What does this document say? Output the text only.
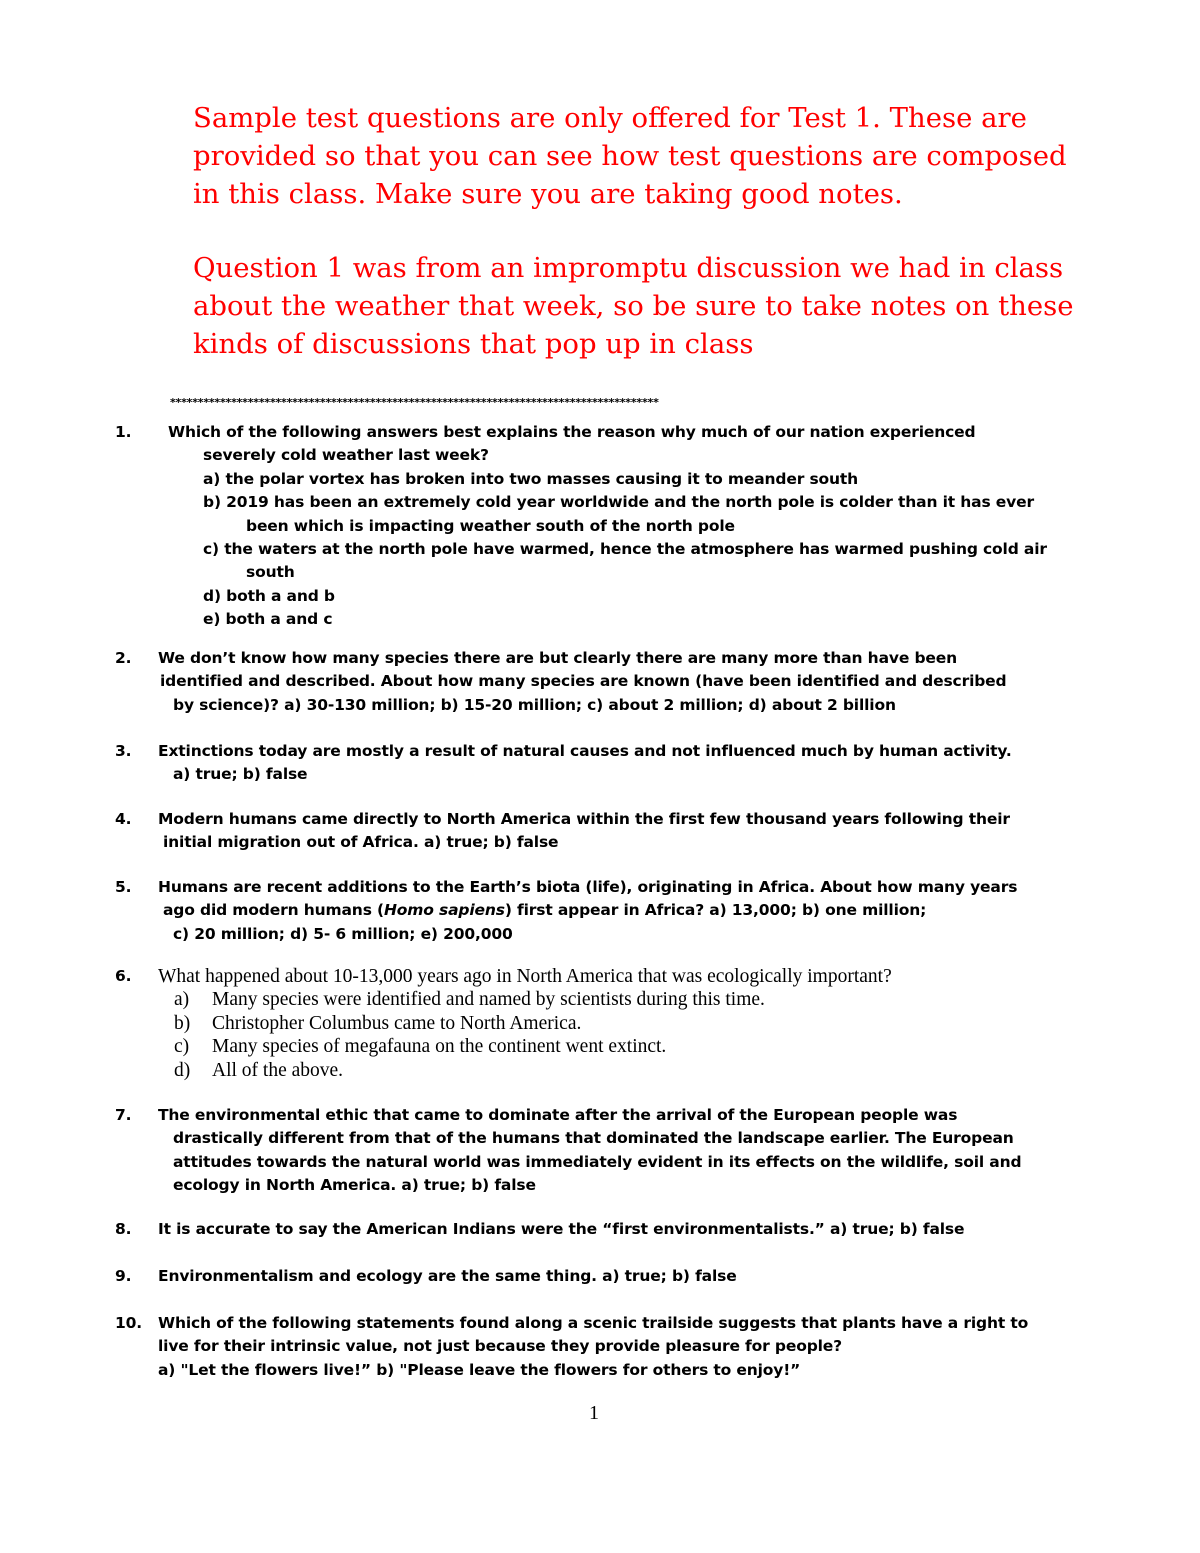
Sample test questions are only offered for Test 1. These are provided so that you can see how test questions are composed in this class. Make sure you are taking good notes.

Question 1 was from an impromptu discussion we had in class about the weather that week, so be sure to take notes on these kinds of discussions that pop up in class

****************************************************************************************
1.	Which of the following answers best explains the reason why much of our nation experienced
severely cold weather last week?
a) the polar vortex has broken into two masses causing it to meander south
b) 2019 has been an extremely cold year worldwide and the north pole is colder than it has ever
been which is impacting weather south of the north pole
c) the waters at the north pole have warmed, hence the atmosphere has warmed pushing cold air
south
d) both a and b
e) both a and c
2. We don’t know how many species there are but clearly there are many more than have been
identified and described. About how many species are known (have been identified and described
by science)? a) 30-130 million; b) 15-20 million; c) about 2 million; d) about 2 billion
3. Extinctions today are mostly a result of natural causes and not influenced much by human activity.
a) true; b) false
4. Modern humans came directly to North America within the first few thousand years following their
initial migration out of Africa. a) true; b) false
5. Humans are recent additions to the Earth’s biota (life), originating in Africa. About how many years
ago did modern humans (Homo sapiens) first appear in Africa? a) 13,000; b) one million;
c) 20 million; d) 5- 6 million; e) 200,000
6. What happened about 10-13,000 years ago in North America that was ecologically important?
a) Many species were identified and named by scientists during this time.
b) Christopher Columbus came to North America.
c) Many species of megafauna on the continent went extinct.
d) All of the above.
7. The environmental ethic that came to dominate after the arrival of the European people was
drastically different from that of the humans that dominated the landscape earlier. The European
attitudes towards the natural world was immediately evident in its effects on the wildlife, soil and
ecology in North America. a) true; b) false
8. It is accurate to say the American Indians were the “first environmentalists.” a) true; b) false
9. Environmentalism and ecology are the same thing. a) true; b) false
10. Which of the following statements found along a scenic trailside suggests that plants have a right to
live for their intrinsic value, not just because they provide pleasure for people?
a) "Let the flowers live!” b) "Please leave the flowers for others to enjoy!”
1
